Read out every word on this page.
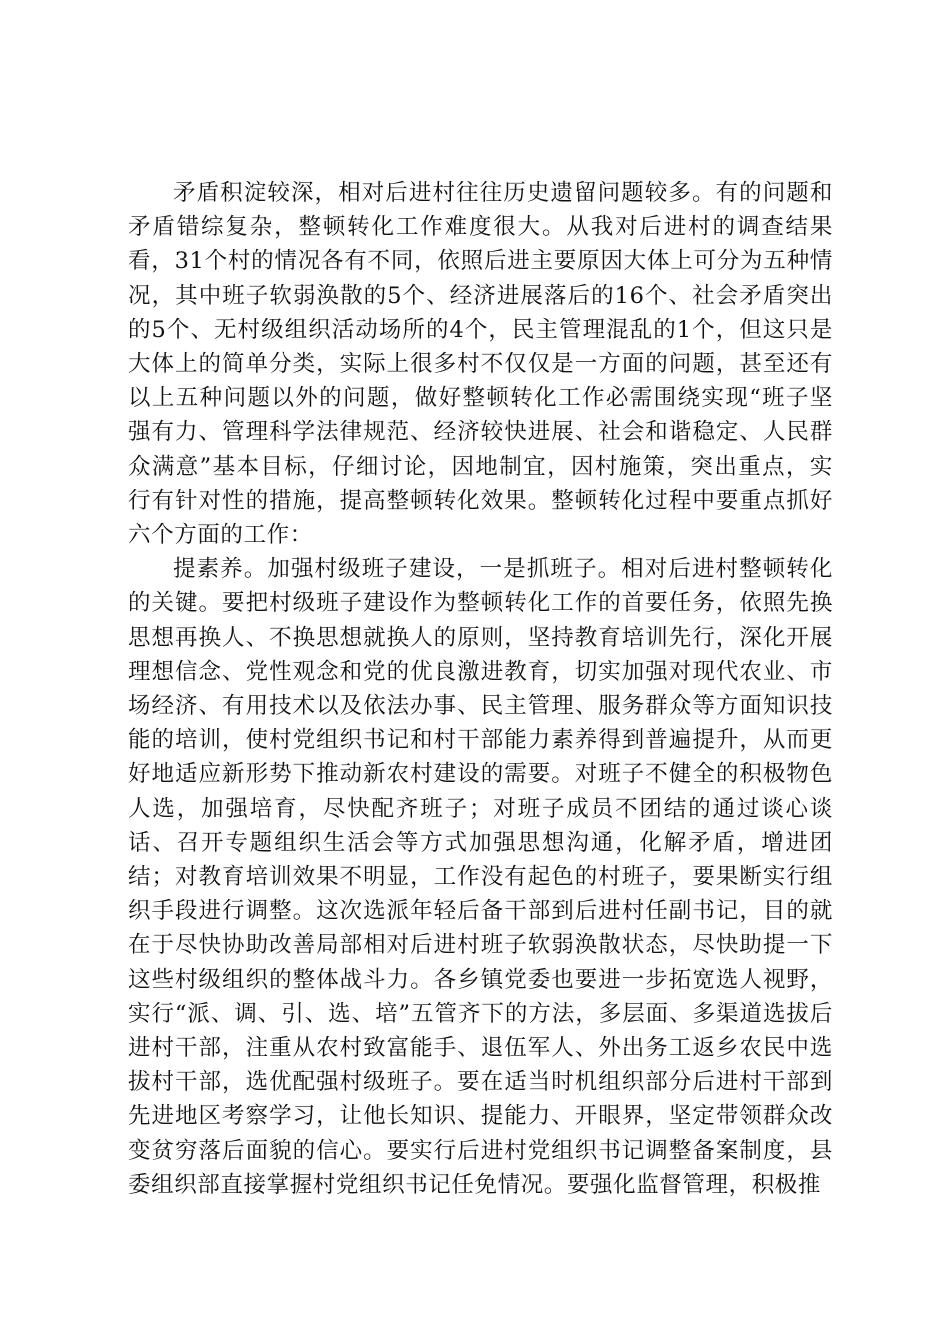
矛盾积淀较深，相对后进村往往历史遗留问题较多。有的问题和矛盾错综复杂，整顿转化工作难度很大。从我对后进村的调查结果看，31个村的情况各有不同，依照后进主要原因大体上可分为五种情况，其中班子软弱涣散的5个、经济进展落后的16个、社会矛盾突出的5个、无村级组织活动场所的4个，民主管理混乱的1个，但这只是大体上的简单分类，实际上很多村不仅仅是一方面的问题，甚至还有以上五种问题以外的问题，做好整顿转化工作必需围绕实现“班子坚强有力、管理科学法律规范、经济较快进展、社会和谐稳定、人民群众满意”基本目标，仔细讨论，因地制宜，因村施策，突出重点，实行有针对性的措施，提高整顿转化效果。整顿转化过程中要重点抓好六个方面的工作：

提素养。加强村级班子建设，一是抓班子。相对后进村整顿转化的关键。要把村级班子建设作为整顿转化工作的首要任务，依照先换思想再换人、不换思想就换人的原则，坚持教育培训先行，深化开展理想信念、党性观念和党的优良激进教育，切实加强对现代农业、市场经济、有用技术以及依法办事、民主管理、服务群众等方面知识技能的培训，使村党组织书记和村干部能力素养得到普遍提升，从而更好地适应新形势下推动新农村建设的需要。对班子不健全的积极物色人选，加强培育，尽快配齐班子；对班子成员不团结的通过谈心谈话、召开专题组织生活会等方式加强思想沟通，化解矛盾，增进团结；对教育培训效果不明显，工作没有起色的村班子，要果断实行组织手段进行调整。这次选派年轻后备干部到后进村任副书记，目的就在于尽快协助改善局部相对后进村班子软弱涣散状态，尽快助提一下这些村级组织的整体战斗力。各乡镇党委也要进一步拓宽选人视野，实行“派、调、引、选、培”五管齐下的方法，多层面、多渠道选拔后进村干部，注重从农村致富能手、退伍军人、外出务工返乡农民中选拔村干部，选优配强村级班子。要在适当时机组织部分后进村干部到先进地区考察学习，让他长知识、提能力、开眼界，坚定带领群众改变贫穷落后面貌的信心。要实行后进村党组织书记调整备案制度，县委组织部直接掌握村党组织书记任免情况。要强化监督管理，积极推
